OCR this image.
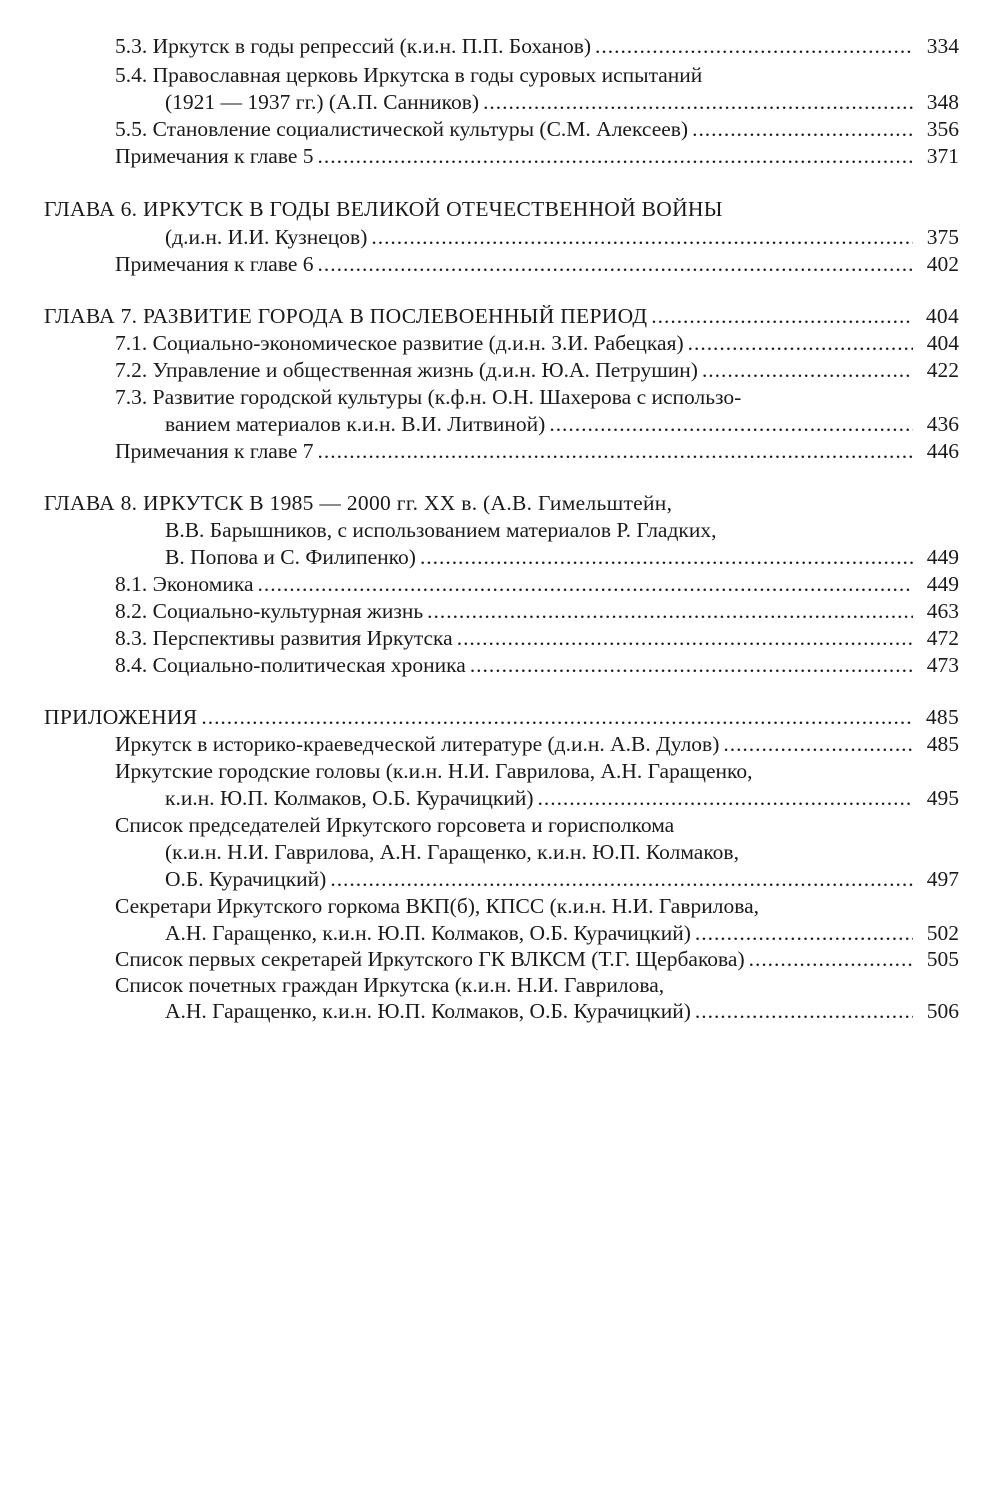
5.3. Иркутск в годы репрессий (к.и.н. П.П. Боханов) . . .	334
5.4. Православная церковь Иркутска в годы суровых испытаний
(1921 — 1937 гг.) (А.П. Санников) . . .	348
5.5. Становление социалистической культуры (С.М. Алексеев) . . .	356
Примечания к главе 5 . . .	371
ГЛАВА 6. ИРКУТСК В ГОДЫ ВЕЛИКОЙ ОТЕЧЕСТВЕННОЙ ВОЙНЫ
(д.и.н. И.И. Кузнецов) . . .	375
Примечания к главе 6 . . .	402
ГЛАВА 7. РАЗВИТИЕ ГОРОДА В ПОСЛЕВОЕННЫЙ ПЕРИОД . . .	404
7.1. Социально-экономическое развитие (д.и.н. З.И. Рабецкая) . . .	404
7.2. Управление и общественная жизнь (д.и.н. Ю.А. Петрушин) . . .	422
7.3. Развитие городской культуры (к.ф.н. О.Н. Шахерова с использо-
ванием материалов к.и.н. В.И. Литвиной) . . .	436
Примечания к главе 7 . . .	446
ГЛАВА 8. ИРКУТСК В 1985 — 2000 гг. XX в. (А.В. Гимельштейн,
В.В. Барышников, с использованием материалов Р. Гладких,
В. Попова и С. Филипенко) . . .	449
8.1. Экономика . . .	449
8.2. Социально-культурная жизнь . . .	463
8.3. Перспективы развития Иркутска . . .	472
8.4. Социально-политическая хроника . . .	473
ПРИЛОЖЕНИЯ . . .	485
Иркутск в историко-краеведческой литературе (д.и.н. А.В. Дулов) . . .	485
Иркутские городские головы (к.и.н. Н.И. Гаврилова, А.Н. Гаращенко,
к.и.н. Ю.П. Колмаков, О.Б. Курачицкий) . . .	495
Список председателей Иркутского горсовета и горисполкома
(к.и.н. Н.И. Гаврилова, А.Н. Гаращенко, к.и.н. Ю.П. Колмаков,
О.Б. Курачицкий) . . .	497
Секретари Иркутского горкома ВКП(б), КПСС (к.и.н. Н.И. Гаврилова,
А.Н. Гаращенко, к.и.н. Ю.П. Колмаков, О.Б. Курачицкий) . . .	502
Список первых секретарей Иркутского ГК ВЛКСМ (Т.Г. Щербакова) . . .	505
Список почетных граждан Иркутска (к.и.н. Н.И. Гаврилова,
А.Н. Гаращенко, к.и.н. Ю.П. Колмаков, О.Б. Курачицкий) . . .	506
